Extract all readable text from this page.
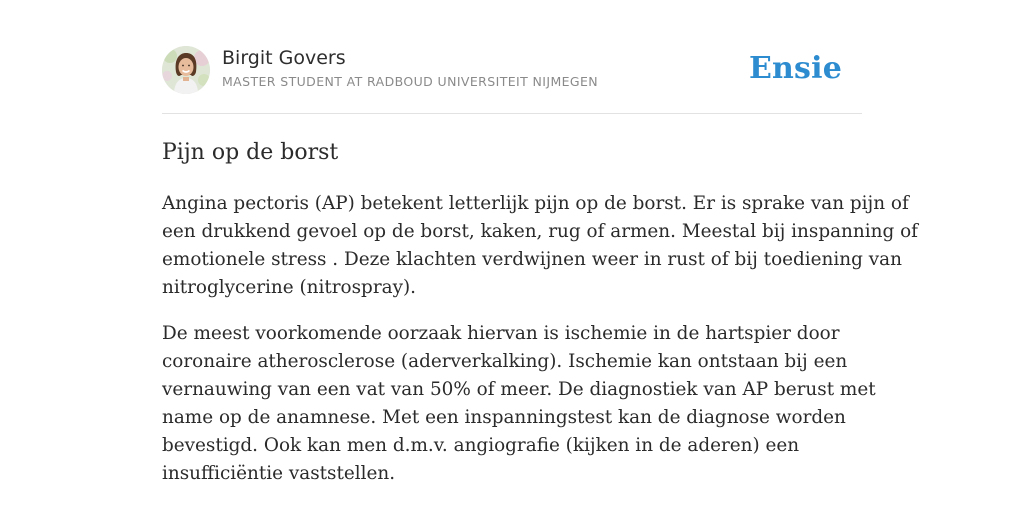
Birgit Govers
MASTER STUDENT AT RADBOUD UNIVERSITEIT NIJMEGEN	Ensie
Pijn op de borst

Angina pectoris (AP) betekent letterlijk pijn op de borst. Er is sprake van pijn of
een drukkend gevoel op de borst, kaken, rug of armen. Meestal bij inspanning of
emotionele stress . Deze klachten verdwijnen weer in rust of bij toediening van
nitroglycerine (nitrospray).

De meest voorkomende oorzaak hiervan is ischemie in de hartspier door
coronaire atherosclerose (aderverkalking). Ischemie kan ontstaan bij een
vernauwing van een vat van 50% of meer. De diagnostiek van AP berust met
name op de anamnese. Met een inspanningstest kan de diagnose worden
bevestigd. Ook kan men d.m.v. angiografie (kijken in de aderen) een
insufficiëntie vaststellen.
